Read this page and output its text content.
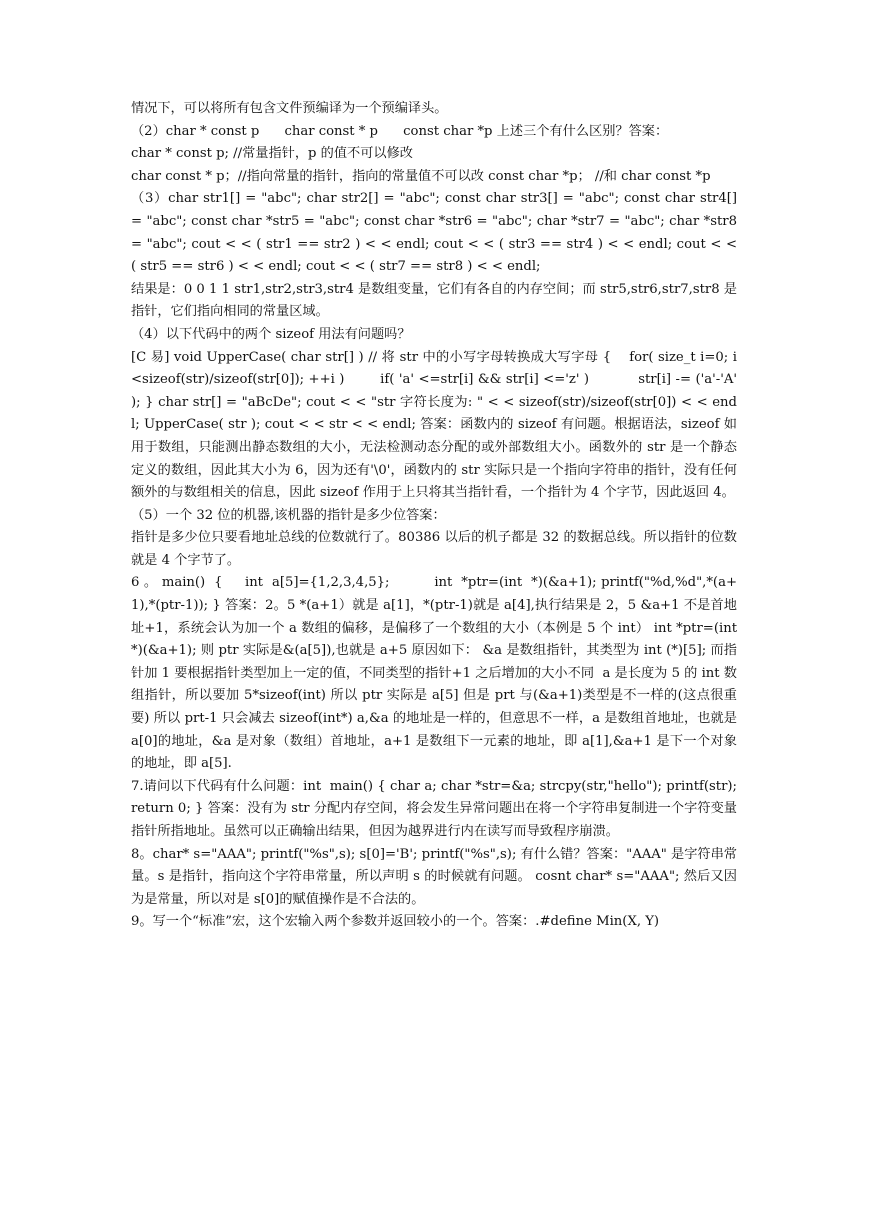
情况下，可以将所有包含文件预编译为一个预编译头。

（2）char * const p      char const * p      const char *p 上述三个有什么区别？答案：

char * const p; //常量指针，p 的值不可以修改

char const * p；//指向常量的指针，指向的常量值不可以改 const char *p； //和 char const *p

（3）char str1[] = "abc"; char str2[] = "abc"; const char str3[] = "abc"; const char str4[] = "abc"; const char *str5 = "abc"; const char *str6 = "abc"; char *str7 = "abc"; char *str8 = "abc"; cout < < ( str1 == str2 ) < < endl; cout < < ( str3 == str4 ) < < endl; cout < < ( str5 == str6 ) < < endl; cout < < ( str7 == str8 ) < < endl;

结果是：0 0 1 1 str1,str2,str3,str4 是数组变量，它们有各自的内存空间；而 str5,str6,str7,str8 是指针，它们指向相同的常量区域。

（4）以下代码中的两个 sizeof 用法有问题吗？

[C 易] void UpperCase( char str[] ) // 将 str 中的小写字母转换成大写字母 {    for( size_t i=0; i <sizeof(str)/sizeof(str[0]); ++i )        if( 'a' <=str[i] && str[i] <='z' )           str[i] -= ('a'-'A' ); } char str[] = "aBcDe"; cout < < "str 字符长度为: " < < sizeof(str)/sizeof(str[0]) < < endl; UpperCase( str ); cout < < str < < endl; 答案：函数内的 sizeof 有问题。根据语法，sizeof 如用于数组，只能测出静态数组的大小，无法检测动态分配的或外部数组大小。函数外的 str 是一个静态定义的数组，因此其大小为 6，因为还有'\0'，函数内的 str 实际只是一个指向字符串的指针，没有任何额外的与数组相关的信息，因此 sizeof 作用于上只将其当指针看，一个指针为 4 个字节，因此返回 4。

（5）一个 32 位的机器,该机器的指针是多少位答案：

指针是多少位只要看地址总线的位数就行了。80386 以后的机子都是 32 的数据总线。所以指针的位数就是 4 个字节了。

6 。 main()  {     int  a[5]={1,2,3,4,5};          int  *ptr=(int  *)(&a+1); printf("%d,%d",*(a+1),*(ptr-1)); } 答案：2。5 *(a+1）就是 a[1]，*(ptr-1)就是 a[4],执行结果是 2，5 &a+1 不是首地址+1，系统会认为加一个 a 数组的偏移，是偏移了一个数组的大小（本例是 5 个 int） int *ptr=(int *)(&a+1); 则 ptr 实际是&(a[5]),也就是 a+5 原因如下： &a 是数组指针，其类型为 int (*)[5]; 而指针加 1 要根据指针类型加上一定的值，不同类型的指针+1 之后增加的大小不同  a 是长度为 5 的 int 数组指针，所以要加 5*sizeof(int) 所以 ptr 实际是 a[5] 但是 prt 与(&a+1)类型是不一样的(这点很重要) 所以 prt-1 只会减去 sizeof(int*) a,&a 的地址是一样的，但意思不一样，a 是数组首地址，也就是 a[0]的地址，&a 是对象（数组）首地址，a+1 是数组下一元素的地址，即 a[1],&a+1 是下一个对象的地址，即 a[5].

7.请问以下代码有什么问题：int  main() { char a; char *str=&a; strcpy(str,"hello"); printf(str); return 0; } 答案：没有为 str 分配内存空间，将会发生异常问题出在将一个字符串复制进一个字符变量指针所指地址。虽然可以正确输出结果，但因为越界进行内在读写而导致程序崩溃。

8。char* s="AAA"; printf("%s",s); s[0]='B'; printf("%s",s); 有什么错？答案："AAA" 是字符串常量。s 是指针，指向这个字符串常量，所以声明 s 的时候就有问题。 cosnt char* s="AAA"; 然后又因为是常量，所以对是 s[0]的赋值操作是不合法的。

9。写一个“标准”宏，这个宏输入两个参数并返回较小的一个。答案：.#define Min(X, Y)
